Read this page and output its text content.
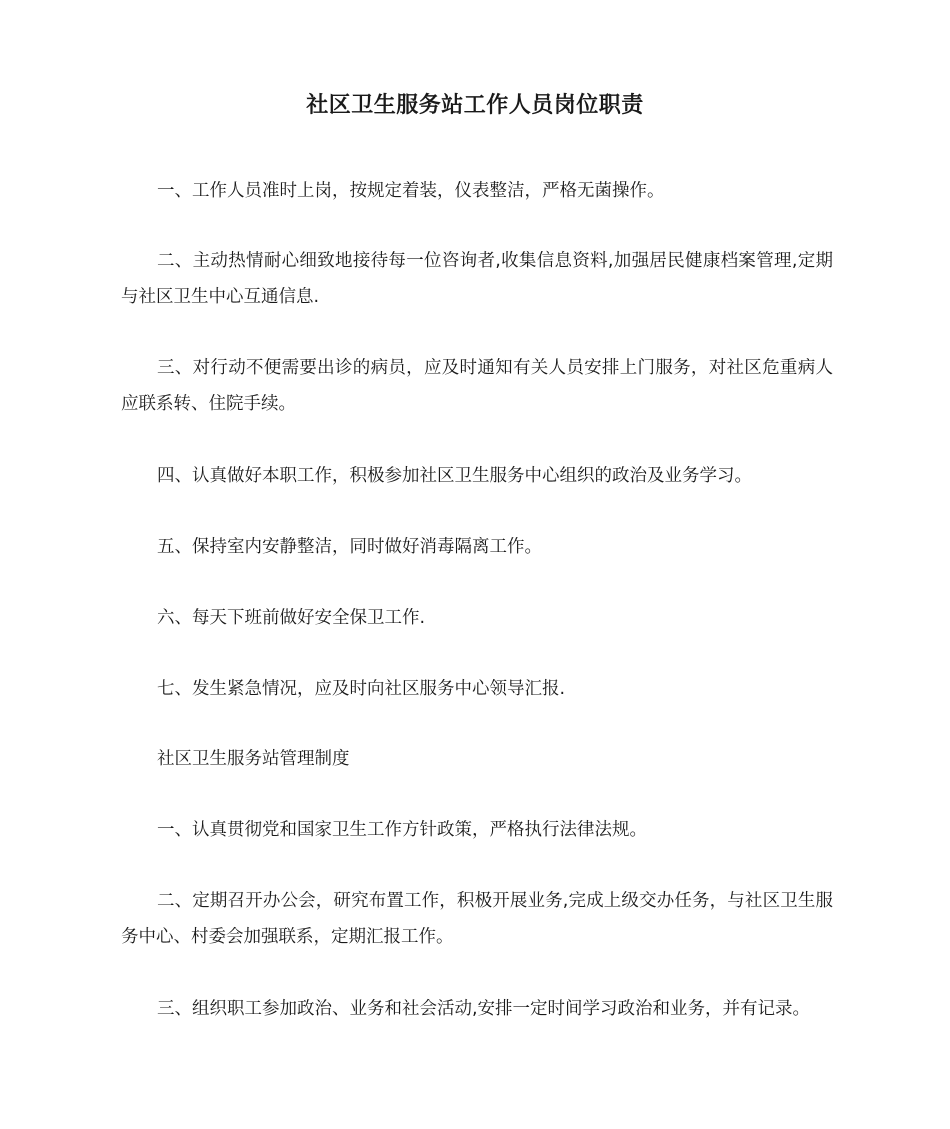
社区卫生服务站工作人员岗位职责

一、工作人员准时上岗，按规定着装，仪表整洁，严格无菌操作。

二、主动热情耐心细致地接待每一位咨询者,收集信息资料,加强居民健康档案管理,定期与社区卫生中心互通信息.

三、对行动不便需要出诊的病员，应及时通知有关人员安排上门服务，对社区危重病人应联系转、住院手续。

四、认真做好本职工作，积极参加社区卫生服务中心组织的政治及业务学习。

五、保持室内安静整洁，同时做好消毒隔离工作。

六、每天下班前做好安全保卫工作.

七、发生紧急情况，应及时向社区服务中心领导汇报.

社区卫生服务站管理制度

一、认真贯彻党和国家卫生工作方针政策，严格执行法律法规。

二、定期召开办公会，研究布置工作，积极开展业务,完成上级交办任务，与社区卫生服务中心、村委会加强联系，定期汇报工作。

三、组织职工参加政治、业务和社会活动,安排一定时间学习政治和业务，并有记录。
